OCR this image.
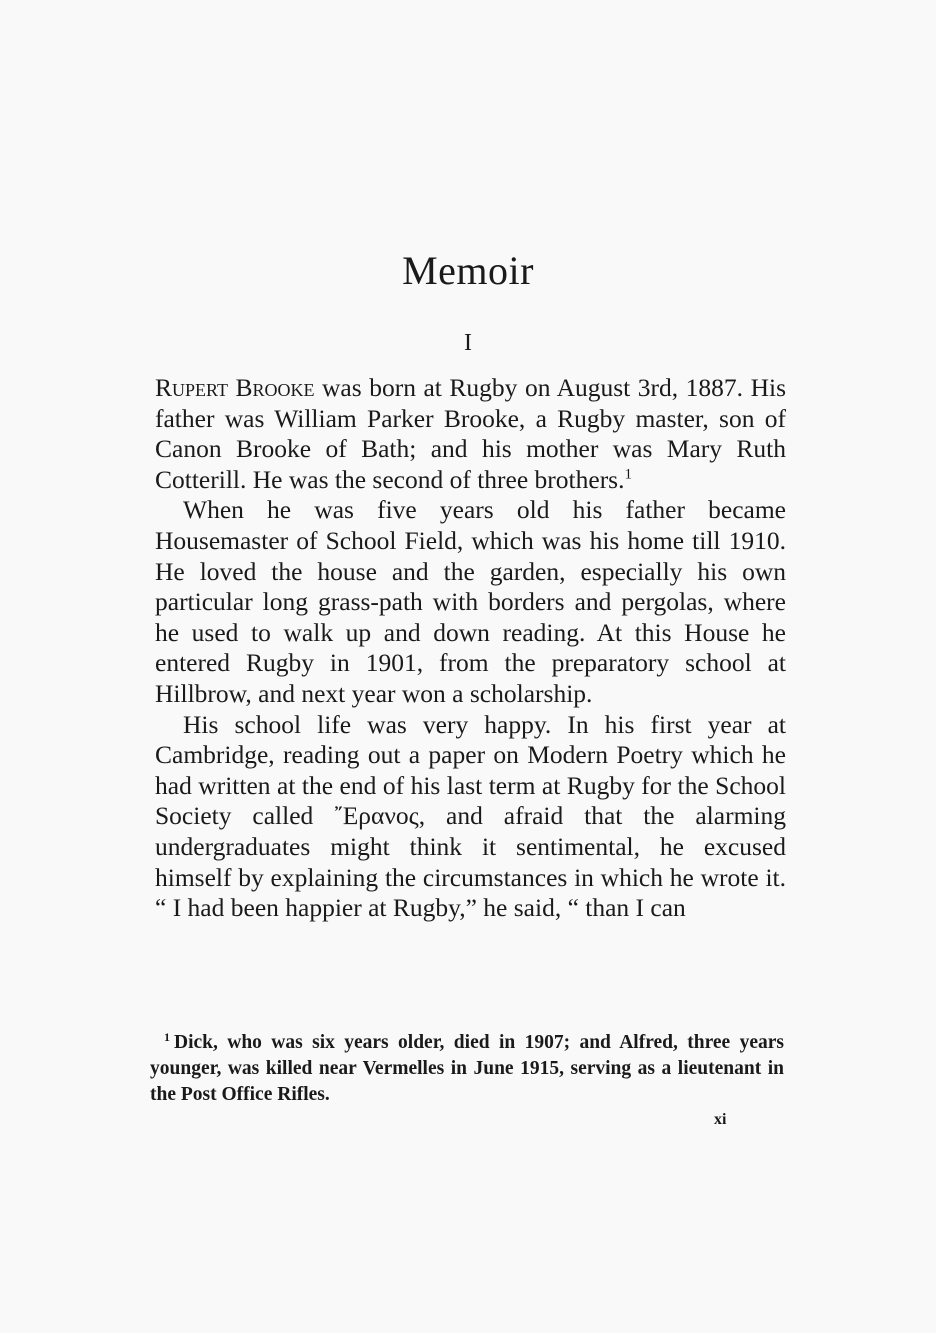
Memoir
I

Rupert Brooke was born at Rugby on August 3rd, 1887. His father was William Parker Brooke, a Rugby master, son of Canon Brooke of Bath; and his mother was Mary Ruth Cotterill. He was the second of three brothers.$^1$

When he was five years old his father became Housemaster of School Field, which was his home till 1910. He loved the house and the garden, especially his own particular long grass-path with borders and pergolas, where he used to walk up and down reading. At this House he entered Rugby in 1901, from the preparatory school at Hillbrow, and next year won a scholarship.

His school life was very happy. In his first year at Cambridge, reading out a paper on Modern Poetry which he had written at the end of his last term at Rugby for the School Society called ῎Ερανος, and afraid that the alarming undergraduates might think it sentimental, he excused himself by explaining the circumstances in which he wrote it. “ I had been happier at Rugby,” he said, “ than I can

$^1$ Dick, who was six years older, died in 1907; and Alfred, three years younger, was killed near Vermelles in June 1915, serving as a lieutenant in the Post Office Rifles.
xi
